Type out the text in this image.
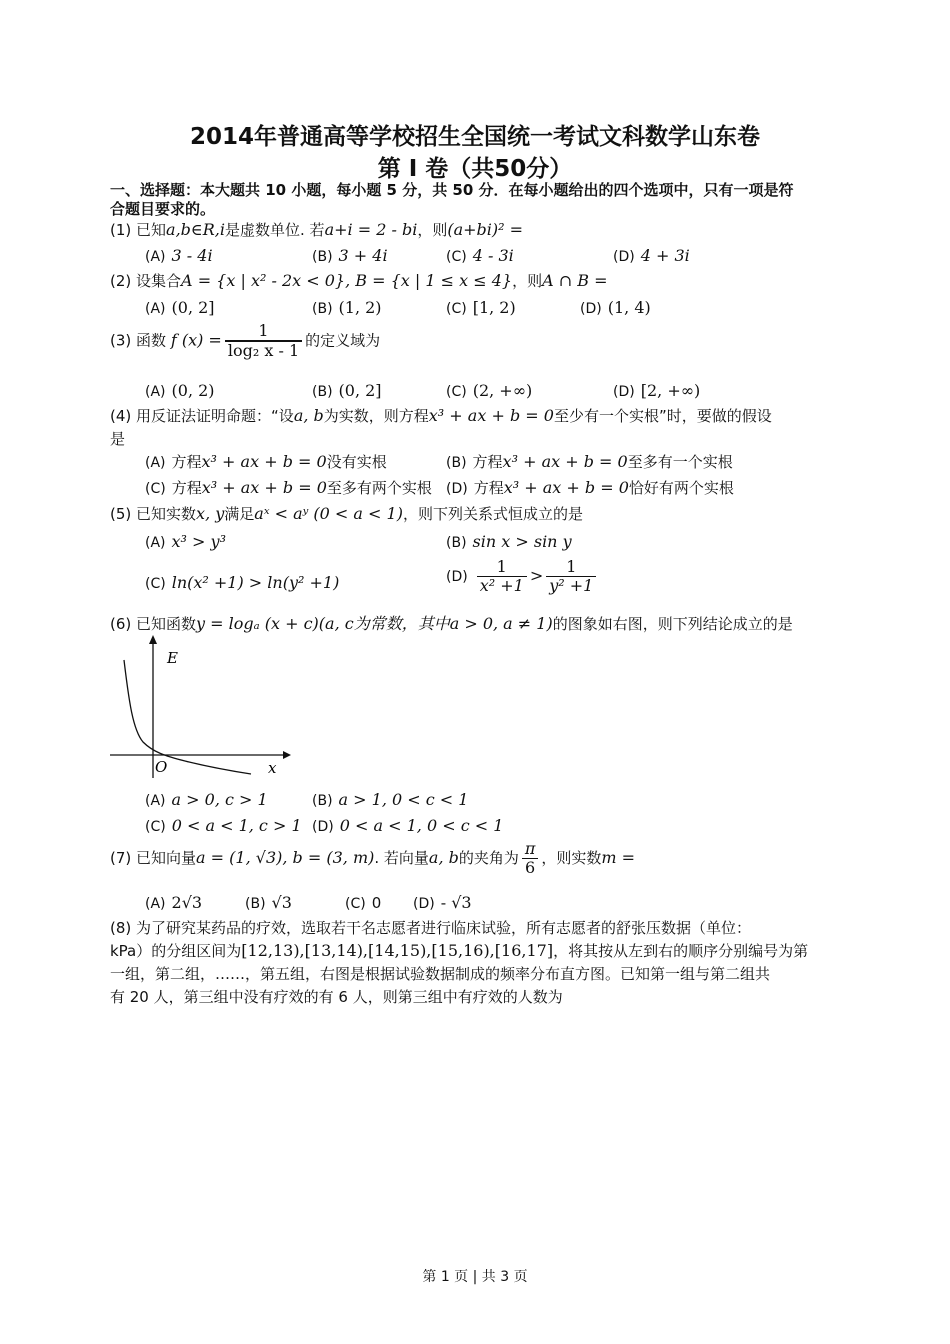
2014年普通高等学校招生全国统一考试文科数学山东卷
第 I 卷（共50分）
一、选择题：本大题共 10 小题，每小题 5 分，共 50 分．在每小题给出的四个选项中，只有一项是符
合题目要求的。
(1) 已知a,b∈R,i是虚数单位. 若a+i = 2 - bi，则(a+bi)² =
(A) 3 - 4i	(B) 3 + 4i	(C) 4 - 3i	(D) 4 + 3i
(2) 设集合A = {x | x² - 2x < 0}, B = {x | 1 ≤ x ≤ 4}，则A ∩ B =
(A) (0, 2]	(B) (1, 2)	(C) [1, 2)	(D) (1, 4)
(3) 函数 f $(x) = \frac{1}{\text{log₂ x - 1}}$ 的定义域为
(A) (0, 2)	(B) (0, 2]	(C) (2, +∞)	(D) [2, +∞)
(4) 用反证法证明命题：“设a, b为实数，则方程x³ + ax + b = 0至少有一个实根”时，要做的假设
是
(A) 方程x³ + ax + b = 0没有实根	(B) 方程x³ + ax + b = 0至多有一个实根
(C) 方程x³ + ax + b = 0至多有两个实根 (D) 方程x³ + ax + b = 0恰好有两个实根
(5) 已知实数x, y满足aˣ < aʸ (0 < a < 1)，则下列关系式恒成立的是
(A) x³ > y³	(B) sin x > sin y
(C) ln(x² +1) > ln(y² +1)	$(D) \frac{1}{\text{x² +1}} > \frac{1}{\text{y² +1}}$
(6) 已知函数y = logₐ (x + c)(a, c为常数，其中a > 0, a ≠ 1)的图象如右图，则下列结论成立的是
E
x
O
(A) a > 0, c > 1	(B) a > 1, 0 < c < 1
(C) 0 < a < 1, c > 1 (D) 0 < a < 1, 0 < c < 1
(7) 已知向量a = (1, √3), b = (3, m). 若向量a, b的夹角为 $\frac{\pi}{6}$ ，则实数m =
(A) 2√3	(B) √3	(C) 0 (D) - √3
(8) 为了研究某药品的疗效，选取若干名志愿者进行临床试验，所有志愿者的舒张压数据（单位：
kPa）的分组区间为[12,13),[13,14),[14,15),[15,16),[16,17]，将其按从左到右的顺序分别编号为第
一组，第二组，……，第五组，右图是根据试验数据制成的频率分布直方图。已知第一组与第二组共
有 20 人，第三组中没有疗效的有 6 人，则第三组中有疗效的人数为
第 1 页 | 共 3 页
